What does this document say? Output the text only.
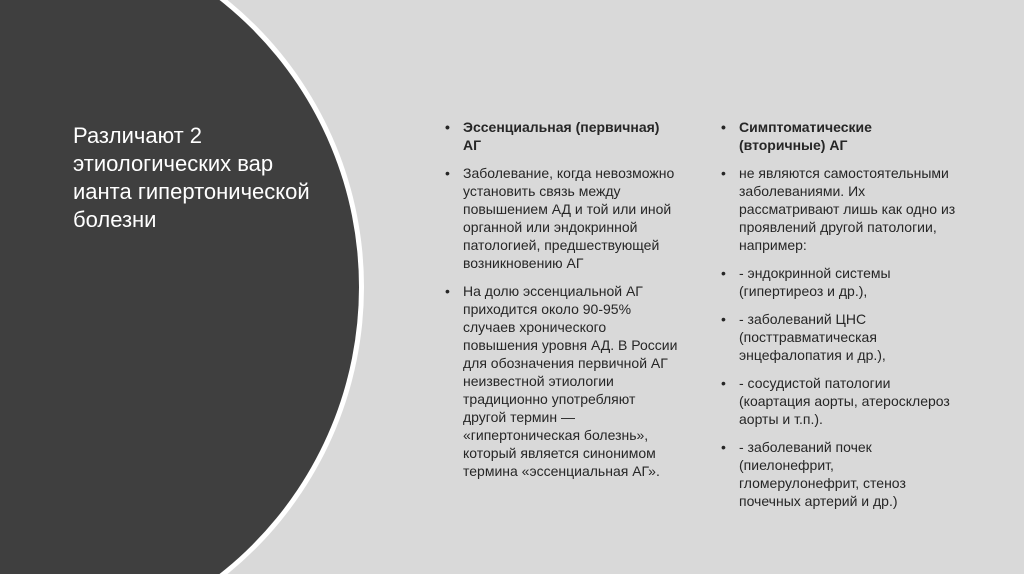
Различают 2 этиологических вар ианта гипертонической болезни
• Эссенциальная (первичная) АГ
• Заболевание, когда невозможно установить связь между повышением АД и той или иной органной или эндокринной патологией, предшествующей возникновению АГ
• На долю эссенциальной АГ приходится около 90-95% случаев хронического повышения уровня АД. В России для обозначения первичной АГ неизвестной этиологии традиционно употребляют другой термин — «гипертоническая болезнь», который является синонимом термина «эссенциальная АГ».
• Симптоматические (вторичные) АГ
• не являются самостоятельными заболеваниями. Их рассматривают лишь как одно из проявлений другой патологии, например:
• - эндокринной системы (гипертиреоз и др.),
• - заболеваний ЦНС (посттравматическая энцефалопатия и др.),
• - сосудистой патологии (коартация аорты, атеросклероз аорты и т.п.).
• - заболеваний почек (пиелонефрит, гломерулонефрит, стеноз почечных артерий и др.)
